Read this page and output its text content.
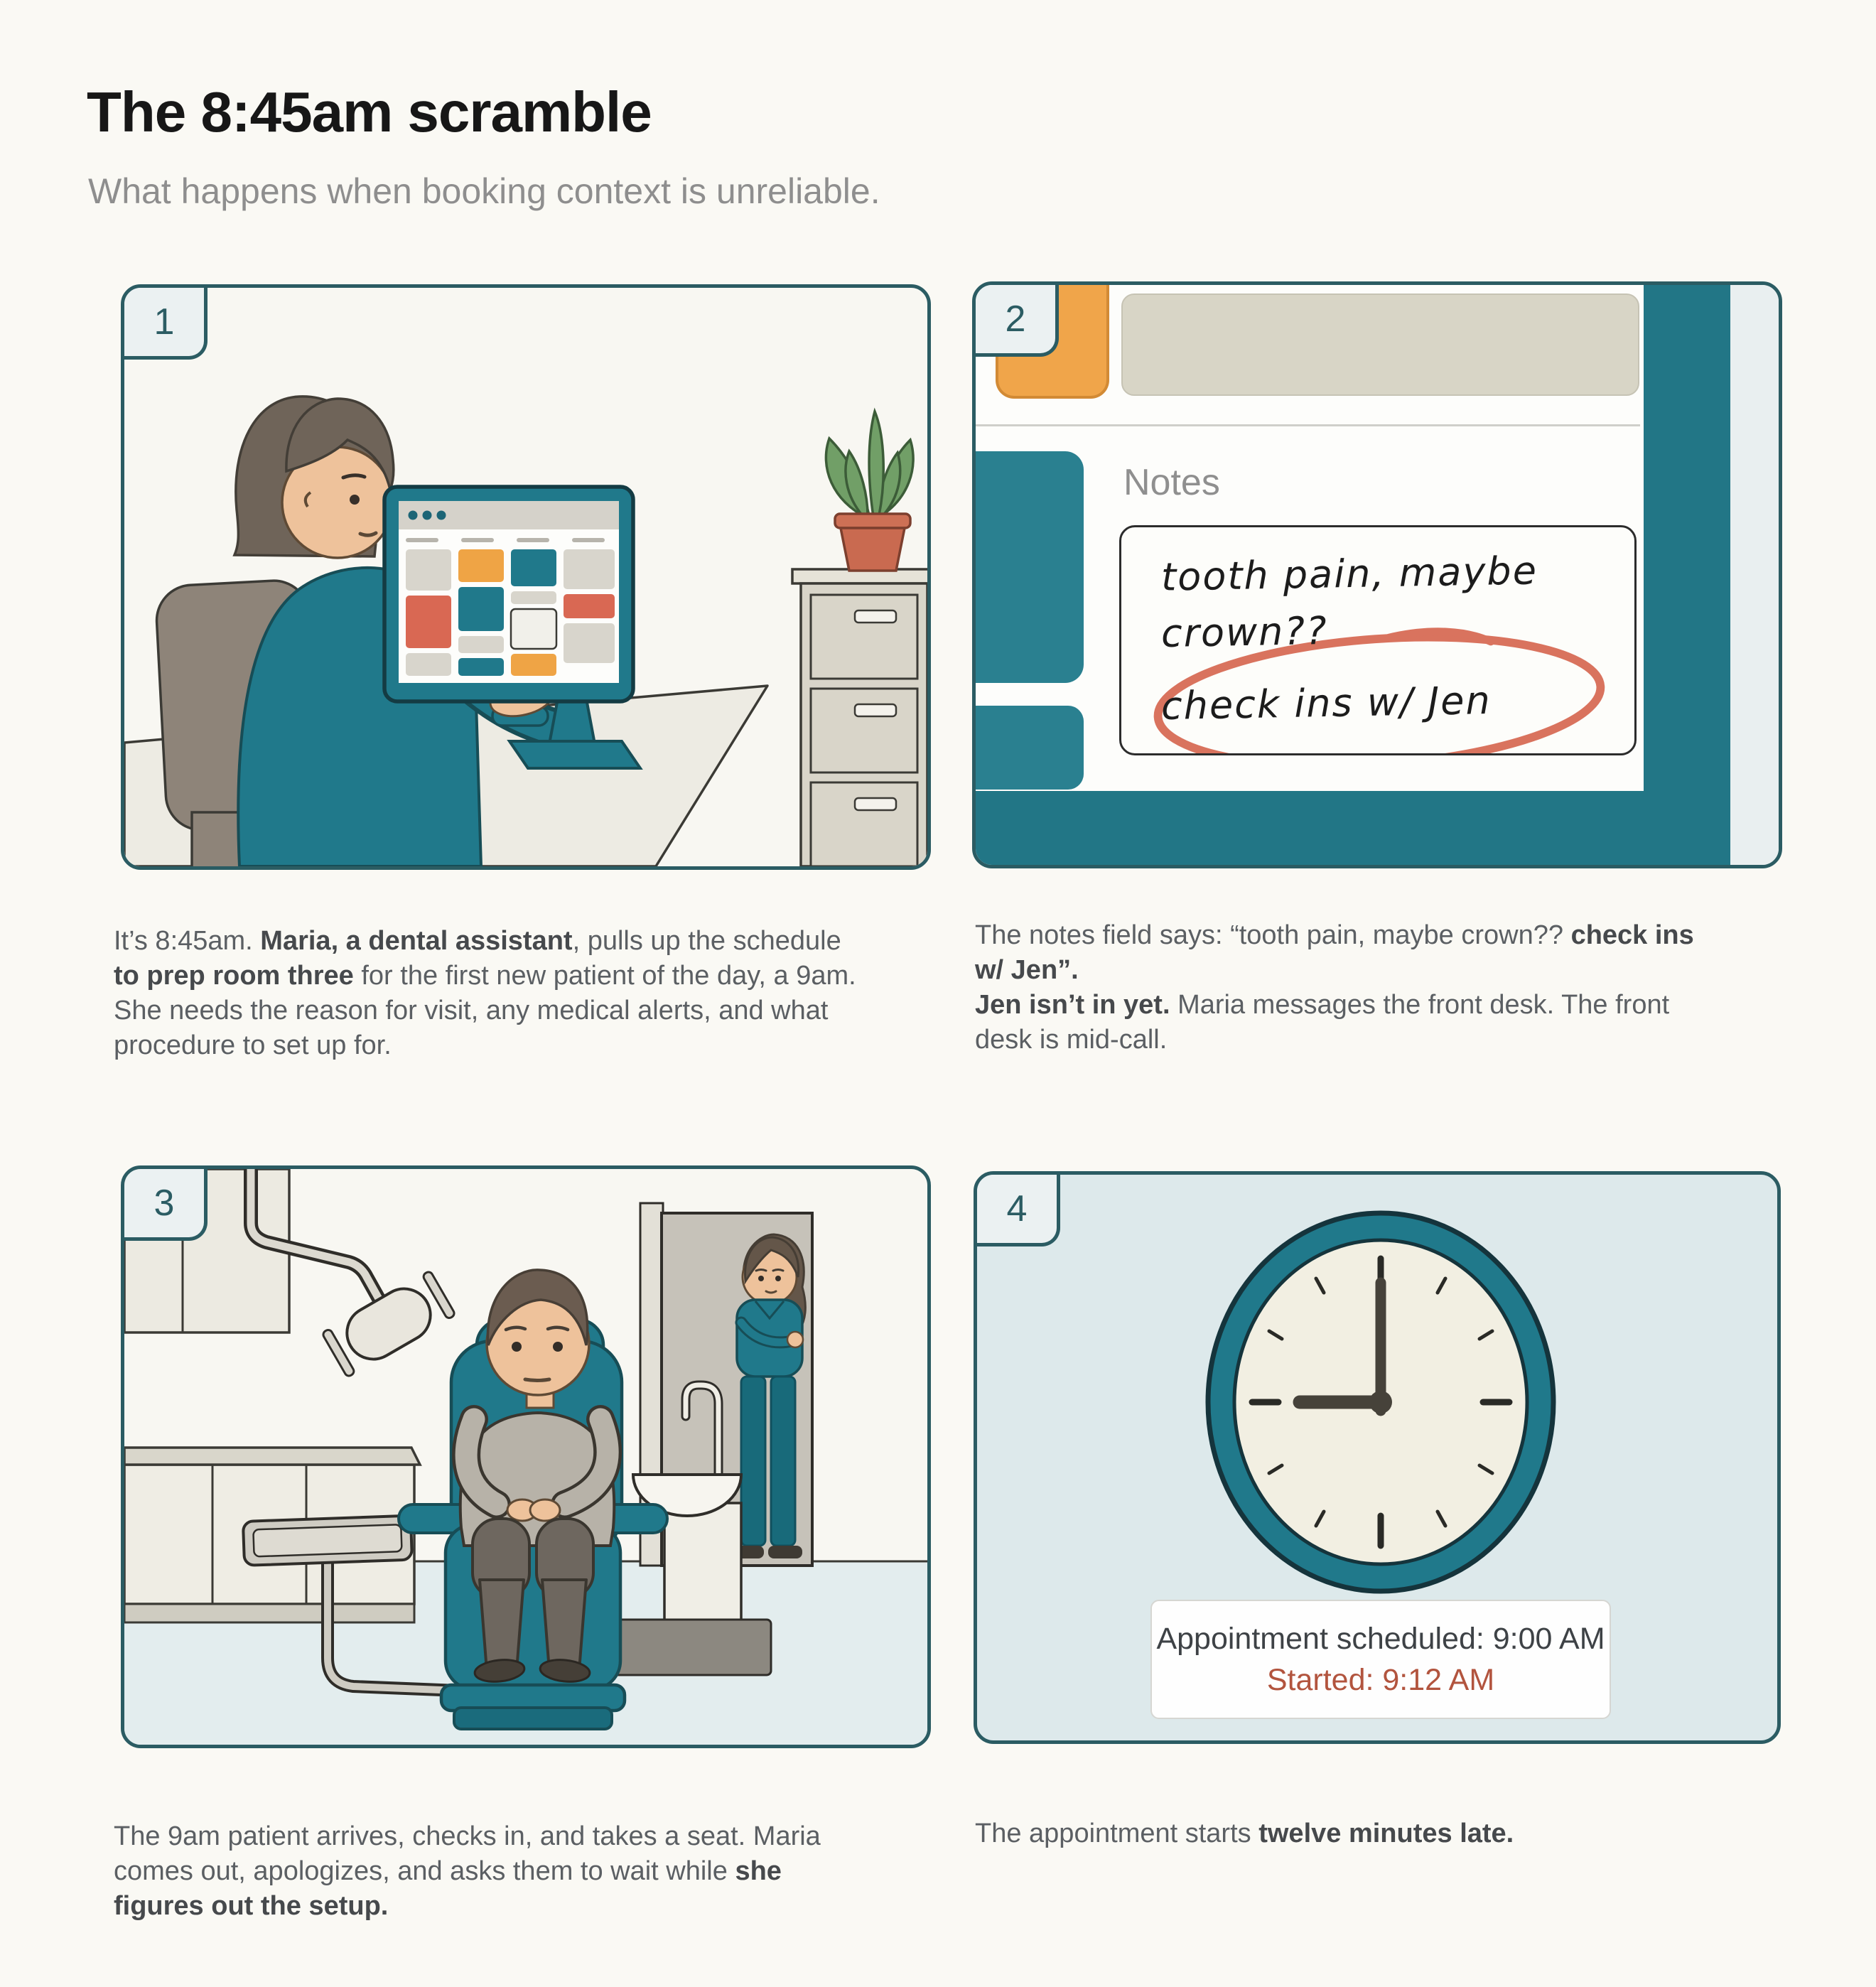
The 8:45am scramble
What happens when booking context is unreliable.
1
Notes
tooth pain, maybe
crown??
check ins w/ Jen
2
3	4
Appointment scheduled: 9:00 AM
Started: 9:12 AM
It’s 8:45am. Maria, a dental assistant, pulls up the schedule to prep room three for the first new patient of the day, a 9am. She needs the reason for visit, any medical alerts, and what procedure to set up for.
The notes field says: “tooth pain, maybe crown?? check ins w/ Jen”.
Jen isn’t in yet. Maria messages the front desk. The front desk is mid-call.
The 9am patient arrives, checks in, and takes a seat. Maria comes out, apologizes, and asks them to wait while she figures out the setup.
The appointment starts twelve minutes late.
